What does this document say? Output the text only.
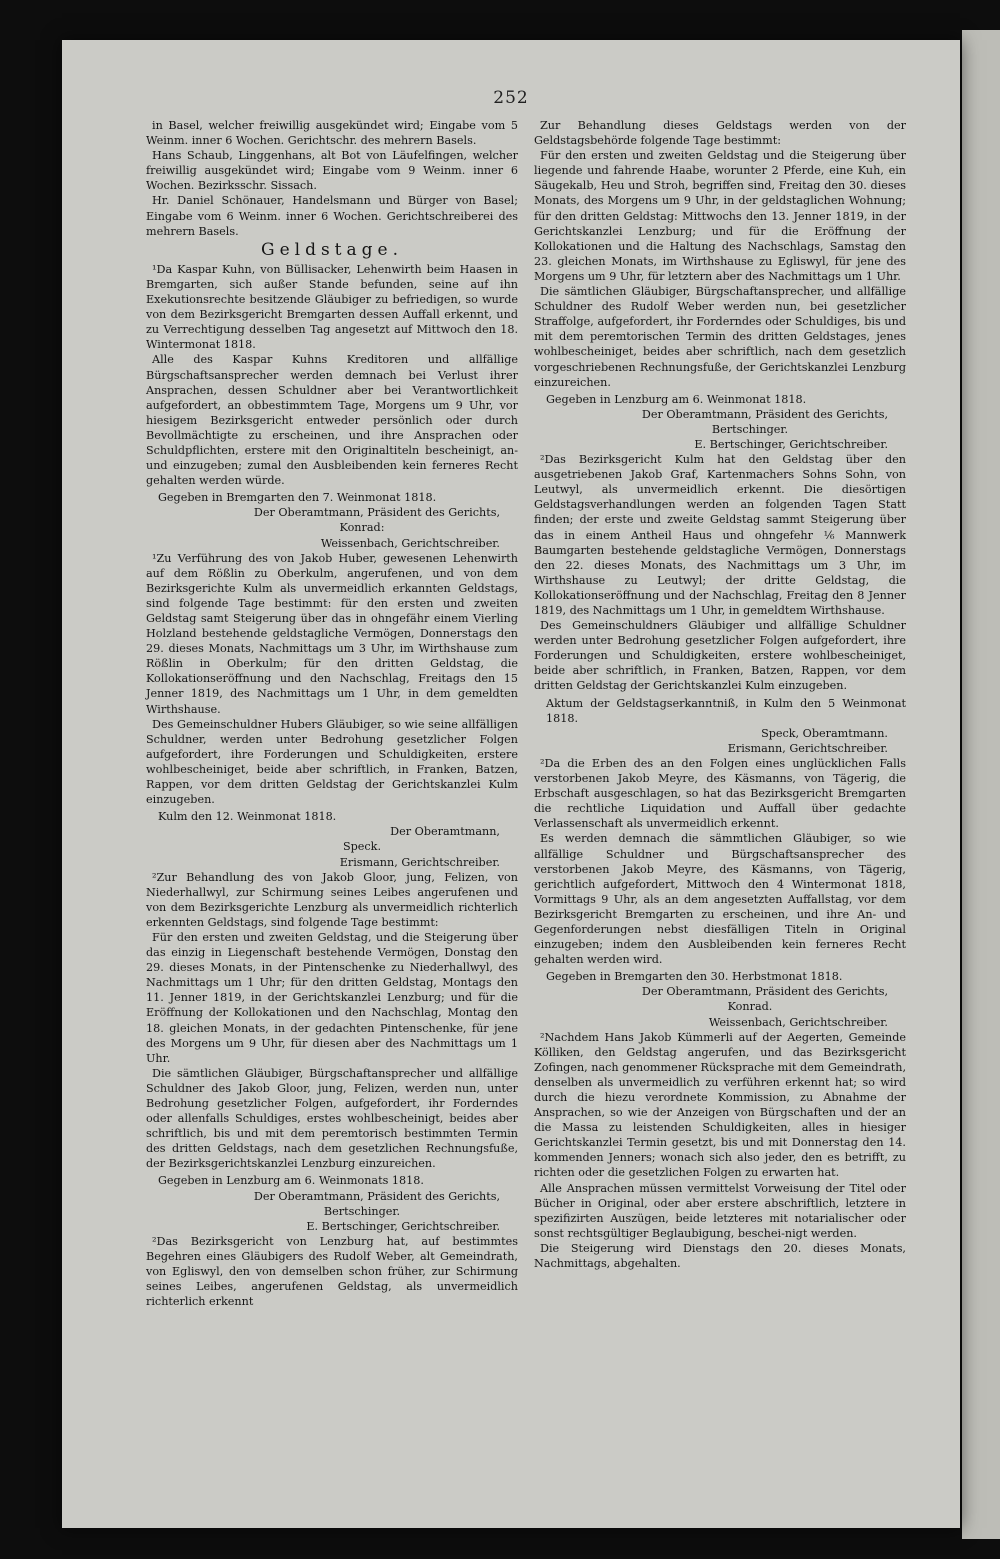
252

in Basel, welcher freiwillig ausgekündet wird; Eingabe vom 5 Weinm. inner 6 Wochen. Gerichtschr. des mehrern Basels.

Hans Schaub, Linggenhans, alt Bot von Läufelfingen, welcher freiwillig ausgekündet wird; Eingabe vom 9 Weinm. inner 6 Wochen. Bezirksschr. Sissach.

Hr. Daniel Schönauer, Handelsmann und Bürger von Basel; Eingabe vom 6 Weinm. inner 6 Wochen. Gerichtschreiberei des mehrern Basels.

Geldstage.

¹Da Kaspar Kuhn, von Büllisacker, Lehenwirth beim Haasen in Bremgarten, sich außer Stande befunden, seine auf ihn Exekutionsrechte besitzende Gläubiger zu befriedigen, so wurde von dem Bezirksgericht Bremgarten dessen Auffall erkennt, und zu Verrechtigung desselben Tag angesetzt auf Mittwoch den 18. Wintermonat 1818.

Alle des Kaspar Kuhns Kreditoren und allfällige Bürgschaftsansprecher werden demnach bei Verlust ihrer Ansprachen, dessen Schuldner aber bei Verantwortlichkeit aufgefordert, an obbestimmtem Tage, Morgens um 9 Uhr, vor hiesigem Bezirksgericht entweder persönlich oder durch Bevollmächtigte zu erscheinen, und ihre Ansprachen oder Schuldpflichten, erstere mit den Originaltiteln bescheinigt, an- und einzugeben; zumal den Ausbleibenden kein ferneres Recht gehalten werden würde.

Gegeben in Bremgarten den 7. Weinmonat 1818.

Der Oberamtmann, Präsident des Gerichts,

Konrad:

Weissenbach, Gerichtschreiber.

¹Zu Verführung des von Jakob Huber, gewesenen Lehenwirth auf dem Rößlin zu Oberkulm, angerufenen, und von dem Bezirksgerichte Kulm als unvermeidlich erkannten Geldstags, sind folgende Tage bestimmt: für den ersten und zweiten Geldstag samt Steigerung über das in ohngefähr einem Vierling Holzland bestehende geldstagliche Vermögen, Donnerstags den 29. dieses Monats, Nachmittags um 3 Uhr, im Wirthshause zum Rößlin in Oberkulm; für den dritten Geldstag, die Kollokationseröffnung und den Nachschlag, Freitags den 15 Jenner 1819, des Nachmittags um 1 Uhr, in dem gemeldten Wirthshause.

Des Gemeinschuldner Hubers Gläubiger, so wie seine allfälligen Schuldner, werden unter Bedrohung gesetzlicher Folgen aufgefordert, ihre Forderungen und Schuldigkeiten, erstere wohlbescheiniget, beide aber schriftlich, in Franken, Batzen, Rappen, vor dem dritten Geldstag der Gerichtskanzlei Kulm einzugeben.

Kulm den 12. Weinmonat 1818.

Der Oberamtmann,

Speck.

Erismann, Gerichtschreiber.

²Zur Behandlung des von Jakob Gloor, jung, Felizen, von Niederhallwyl, zur Schirmung seines Leibes angerufenen und von dem Bezirksgerichte Lenzburg als unvermeidlich richterlich erkennten Geldstags, sind folgende Tage bestimmt:

Für den ersten und zweiten Geldstag, und die Steigerung über das einzig in Liegenschaft bestehende Vermögen, Donstag den 29. dieses Monats, in der Pintenschenke zu Niederhallwyl, des Nachmittags um 1 Uhr; für den dritten Geldstag, Montags den 11. Jenner 1819, in der Gerichtskanzlei Lenzburg; und für die Eröffnung der Kollokationen und den Nachschlag, Montag den 18. gleichen Monats, in der gedachten Pintenschenke, für jene des Morgens um 9 Uhr, für diesen aber des Nachmittags um 1 Uhr.

Die sämtlichen Gläubiger, Bürgschaftansprecher und allfällige Schuldner des Jakob Gloor, jung, Felizen, werden nun, unter Bedrohung gesetzlicher Folgen, aufgefordert, ihr Forderndes oder allenfalls Schuldiges, erstes wohlbescheinigt, beides aber schriftlich, bis und mit dem peremtorisch bestimmten Termin des dritten Geldstags, nach dem gesetzlichen Rechnungsfuße, der Bezirksgerichtskanzlei Lenzburg einzureichen.

Gegeben in Lenzburg am 6. Weinmonats 1818.

Der Oberamtmann, Präsident des Gerichts,

Bertschinger.

E. Bertschinger, Gerichtschreiber.

²Das Bezirksgericht von Lenzburg hat, auf bestimmtes Begehren eines Gläubigers des Rudolf Weber, alt Gemeindrath, von Egliswyl, den von demselben schon früher, zur Schirmung seines Leibes, angerufenen Geldstag, als unvermeidlich richterlich erkennt

Zur Behandlung dieses Geldstags werden von der Geldstagsbehörde folgende Tage bestimmt:

Für den ersten und zweiten Geldstag und die Steigerung über liegende und fahrende Haabe, worunter 2 Pferde, eine Kuh, ein Säugekalb, Heu und Stroh, begriffen sind, Freitag den 30. dieses Monats, des Morgens um 9 Uhr, in der geldstaglichen Wohnung; für den dritten Geldstag: Mittwochs den 13. Jenner 1819, in der Gerichtskanzlei Lenzburg; und für die Eröffnung der Kollokationen und die Haltung des Nachschlags, Samstag den 23. gleichen Monats, im Wirthshause zu Egliswyl, für jene des Morgens um 9 Uhr, für letztern aber des Nachmittags um 1 Uhr.

Die sämtlichen Gläubiger, Bürgschaftansprecher, und allfällige Schuldner des Rudolf Weber werden nun, bei gesetzlicher Straffolge, aufgefordert, ihr Forderndes oder Schuldiges, bis und mit dem peremtorischen Termin des dritten Geldstages, jenes wohlbescheiniget, beides aber schriftlich, nach dem gesetzlich vorgeschriebenen Rechnungsfuße, der Gerichtskanzlei Lenzburg einzureichen.

Gegeben in Lenzburg am 6. Weinmonat 1818.

Der Oberamtmann, Präsident des Gerichts,

Bertschinger.

E. Bertschinger, Gerichtschreiber.

²Das Bezirksgericht Kulm hat den Geldstag über den ausgetriebenen Jakob Graf, Kartenmachers Sohns Sohn, von Leutwyl, als unvermeidlich erkennt. Die diesörtigen Geldstagsverhandlungen werden an folgenden Tagen Statt finden; der erste und zweite Geldstag sammt Steigerung über das in einem Antheil Haus und ohngefehr ¹⁄₆ Mannwerk Baumgarten bestehende geldstagliche Vermögen, Donnerstags den 22. dieses Monats, des Nachmittags um 3 Uhr, im Wirthshause zu Leutwyl; der dritte Geldstag, die Kollokationseröffnung und der Nachschlag, Freitag den 8 Jenner 1819, des Nachmittags um 1 Uhr, in gemeldtem Wirthshause.

Des Gemeinschuldners Gläubiger und allfällige Schuldner werden unter Bedrohung gesetzlicher Folgen aufgefordert, ihre Forderungen und Schuldigkeiten, erstere wohlbescheiniget, beide aber schriftlich, in Franken, Batzen, Rappen, vor dem dritten Geldstag der Gerichtskanzlei Kulm einzugeben.

Aktum der Geldstagserkanntniß, in Kulm den 5 Weinmonat 1818.

Speck, Oberamtmann.

Erismann, Gerichtschreiber.

²Da die Erben des an den Folgen eines unglücklichen Falls verstorbenen Jakob Meyre, des Käsmanns, von Tägerig, die Erbschaft ausgeschlagen, so hat das Bezirksgericht Bremgarten die rechtliche Liquidation und Auffall über gedachte Verlassenschaft als unvermeidlich erkennt.

Es werden demnach die sämmtlichen Gläubiger, so wie allfällige Schuldner und Bürgschaftsansprecher des verstorbenen Jakob Meyre, des Käsmanns, von Tägerig, gerichtlich aufgefordert, Mittwoch den 4 Wintermonat 1818, Vormittags 9 Uhr, als an dem angesetzten Auffallstag, vor dem Bezirksgericht Bremgarten zu erscheinen, und ihre An- und Gegenforderungen nebst diesfälligen Titeln in Original einzugeben; indem den Ausbleibenden kein ferneres Recht gehalten werden wird.

Gegeben in Bremgarten den 30. Herbstmonat 1818.

Der Oberamtmann, Präsident des Gerichts,

Konrad.

Weissenbach, Gerichtschreiber.

²Nachdem Hans Jakob Kümmerli auf der Aegerten, Gemeinde Kölliken, den Geldstag angerufen, und das Bezirksgericht Zofingen, nach genommener Rücksprache mit dem Gemeindrath, denselben als unvermeidlich zu verführen erkennt hat; so wird durch die hiezu verordnete Kommission, zu Abnahme der Ansprachen, so wie der Anzeigen von Bürgschaften und der an die Massa zu leistenden Schuldigkeiten, alles in hiesiger Gerichtskanzlei Termin gesetzt, bis und mit Donnerstag den 14. kommenden Jenners; wonach sich also jeder, den es betrifft, zu richten oder die gesetzlichen Folgen zu erwarten hat.

Alle Ansprachen müssen vermittelst Vorweisung der Titel oder Bücher in Original, oder aber erstere abschriftlich, letztere in spezifizirten Auszügen, beide letzteres mit notarialischer oder sonst rechtsgültiger Beglaubigung, beschei-nigt werden.

Die Steigerung wird Dienstags den 20. dieses Monats, Nachmittags, abgehalten.
